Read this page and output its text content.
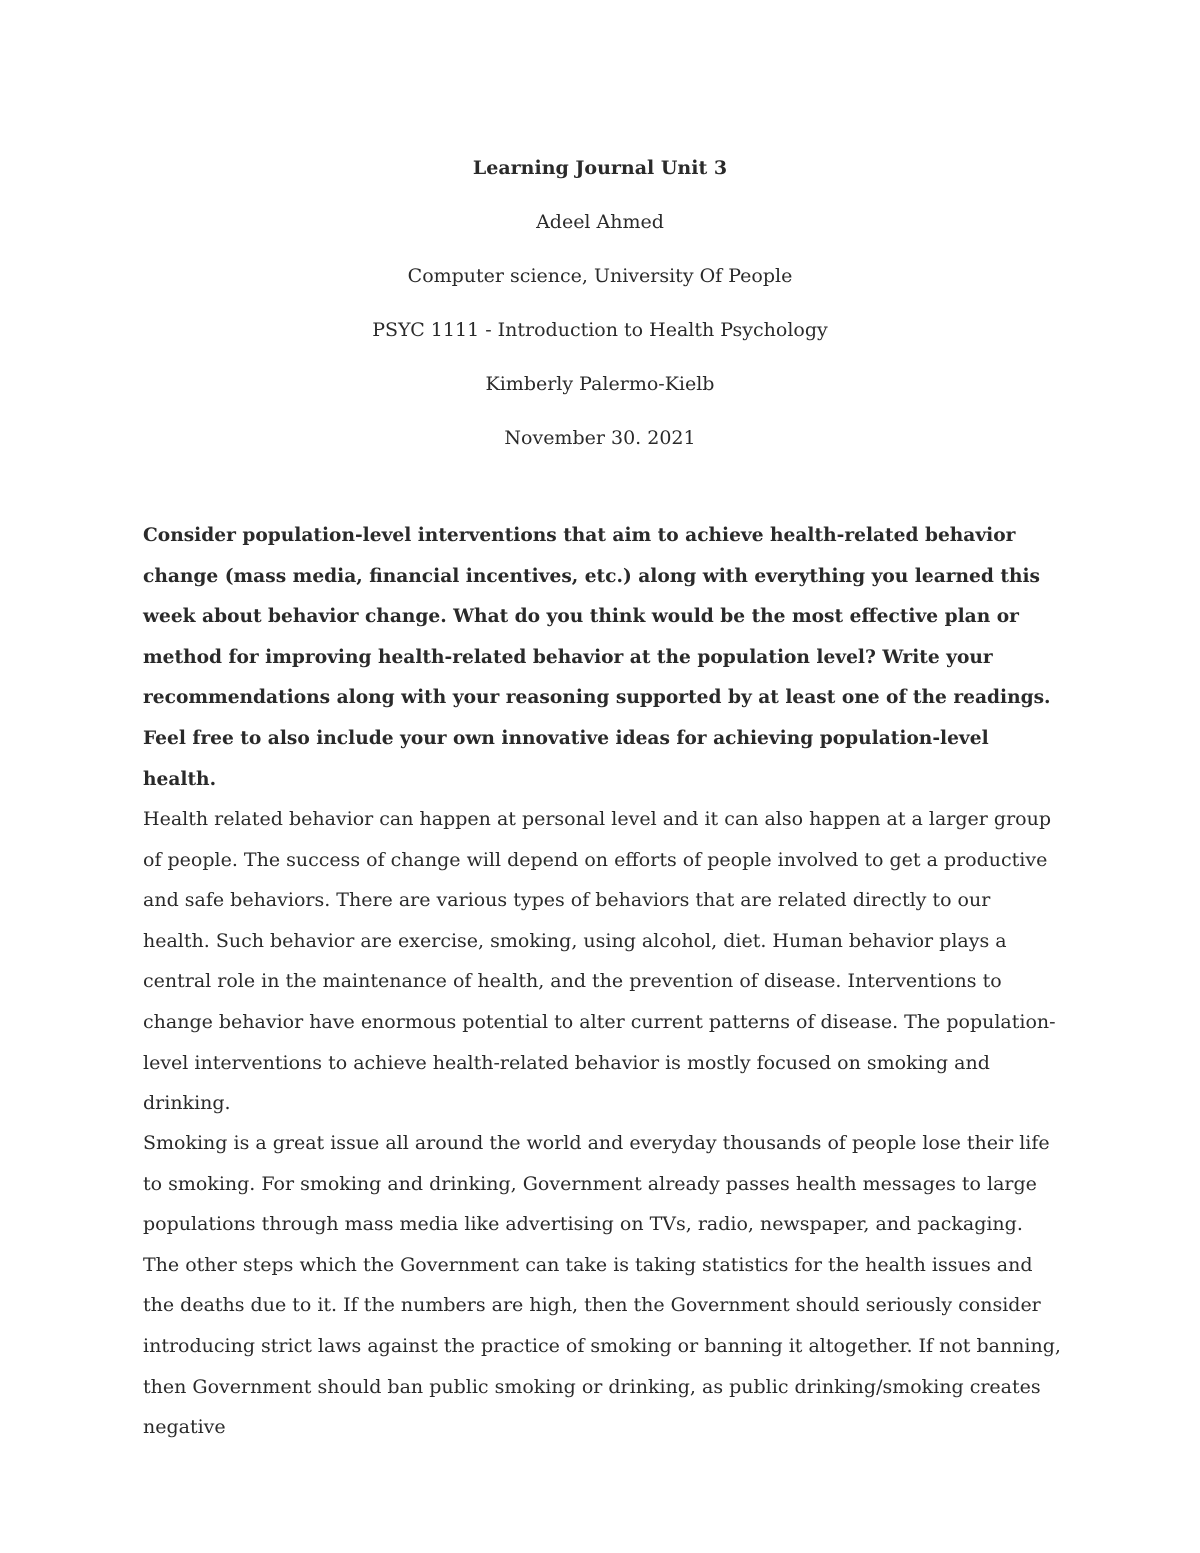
Learning Journal Unit 3

Adeel Ahmed

Computer science, University Of People

PSYC 1111 - Introduction to Health Psychology

Kimberly Palermo-Kielb

November 30. 2021

Consider population-level interventions that aim to achieve health-related behavior change (mass media, financial incentives, etc.) along with everything you learned this week about behavior change. What do you think would be the most effective plan or method for improving health-related behavior at the population level? Write your recommendations along with your reasoning supported by at least one of the readings. Feel free to also include your own innovative ideas for achieving population-level health.

Health related behavior can happen at personal level and it can also happen at a larger group of people. The success of change will depend on efforts of people involved to get a productive and safe behaviors. There are various types of behaviors that are related directly to our health. Such behavior are exercise, smoking, using alcohol, diet. Human behavior plays a central role in the maintenance of health, and the prevention of disease. Interventions to change behavior have enormous potential to alter current patterns of disease. The population-level interventions to achieve health-related behavior is mostly focused on smoking and drinking.

Smoking is a great issue all around the world and everyday thousands of people lose their life to smoking. For smoking and drinking, Government already passes health messages to large populations through mass media like advertising on TVs, radio, newspaper, and packaging. The other steps which the Government can take is taking statistics for the health issues and the deaths due to it. If the numbers are high, then the Government should seriously consider introducing strict laws against the practice of smoking or banning it altogether. If not banning, then Government should ban public smoking or drinking, as public drinking/smoking creates negative
